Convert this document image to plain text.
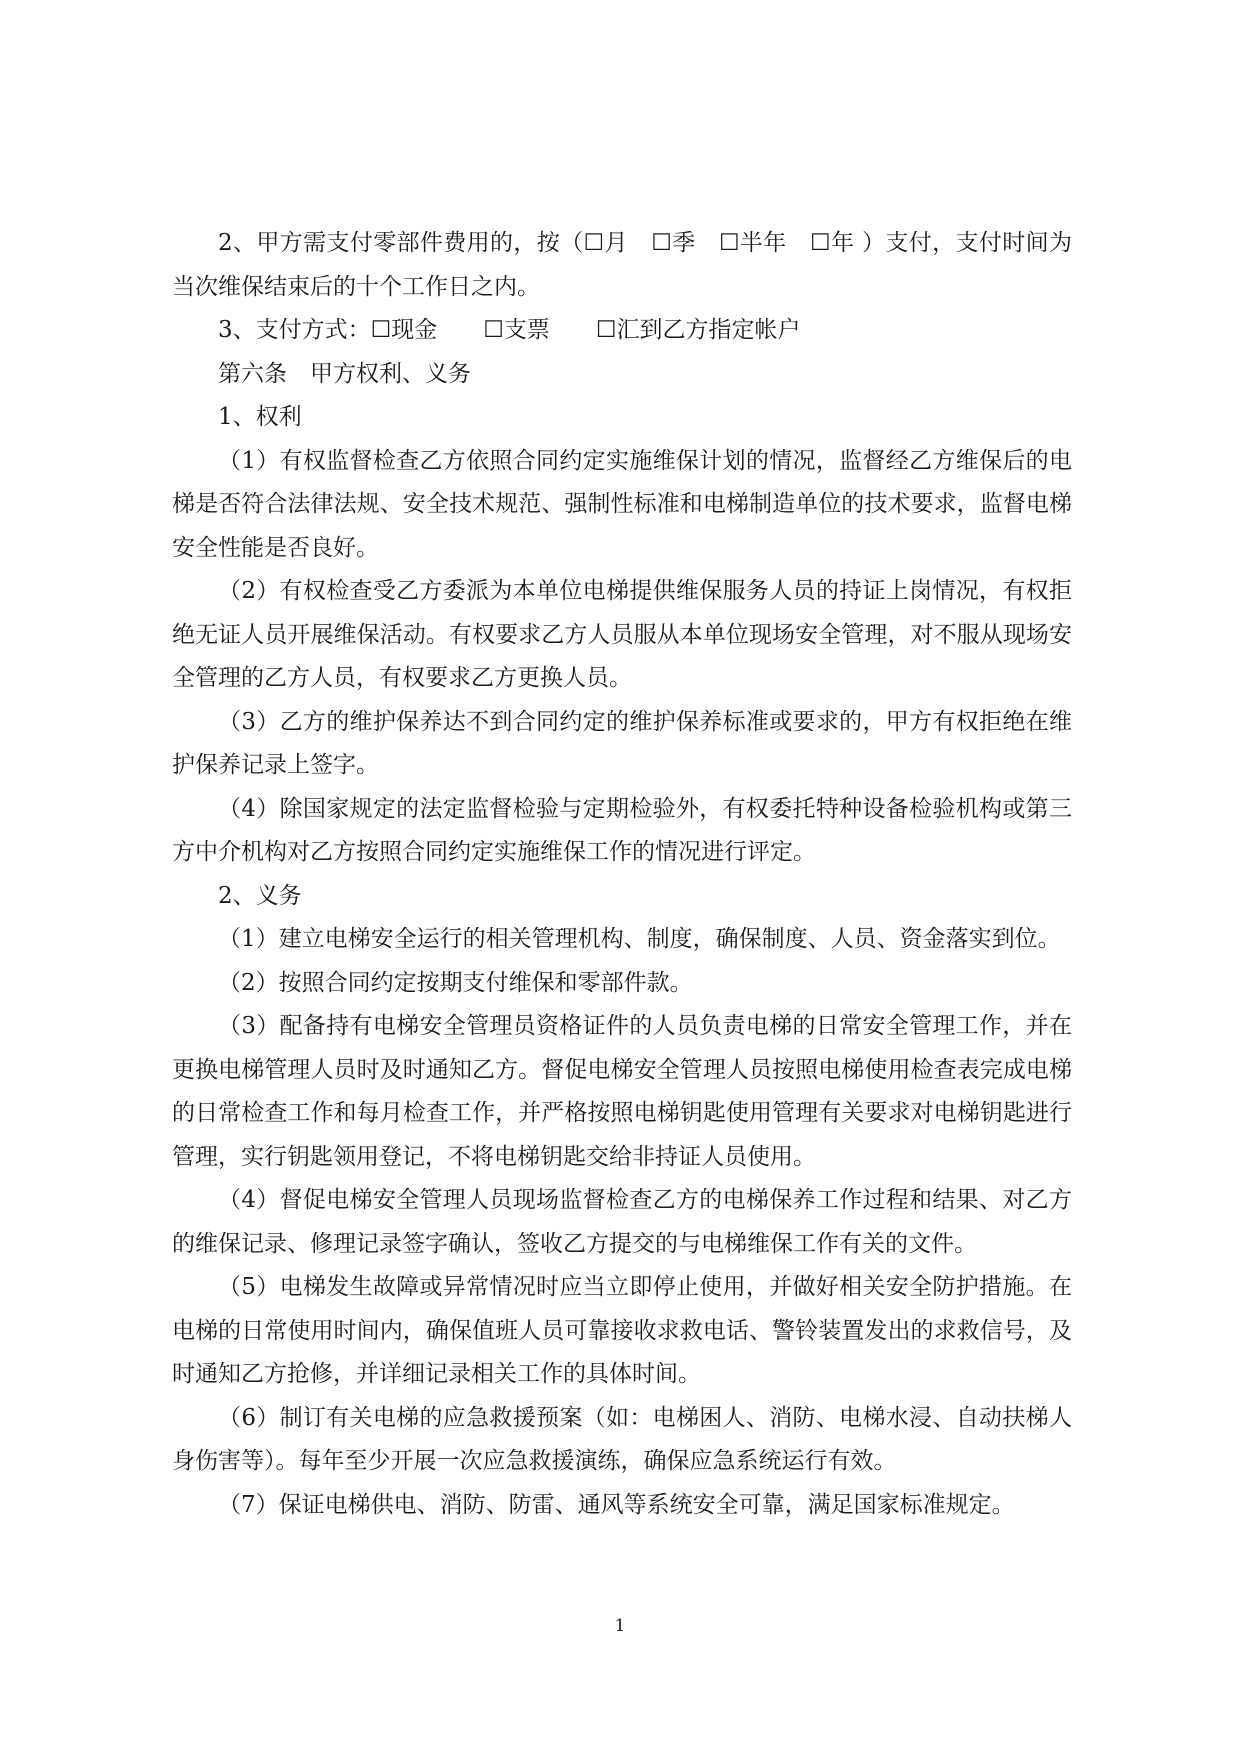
2、甲方需支付零部件费用的，按（☐月　☐季　☐半年　☐年 ）支付，支付时间为当次维保结束后的十个工作日之内。

3、支付方式：☐现金　　☐支票　　☐汇到乙方指定帐户

第六条　甲方权利、义务

1、权利

（1）有权监督检查乙方依照合同约定实施维保计划的情况，监督经乙方维保后的电梯是否符合法律法规、安全技术规范、强制性标准和电梯制造单位的技术要求，监督电梯安全性能是否良好。

（2）有权检查受乙方委派为本单位电梯提供维保服务人员的持证上岗情况，有权拒绝无证人员开展维保活动。有权要求乙方人员服从本单位现场安全管理，对不服从现场安全管理的乙方人员，有权要求乙方更换人员。

（3）乙方的维护保养达不到合同约定的维护保养标准或要求的，甲方有权拒绝在维护保养记录上签字。

（4）除国家规定的法定监督检验与定期检验外，有权委托特种设备检验机构或第三方中介机构对乙方按照合同约定实施维保工作的情况进行评定。

2、义务

（1）建立电梯安全运行的相关管理机构、制度，确保制度、人员、资金落实到位。

（2）按照合同约定按期支付维保和零部件款。

（3）配备持有电梯安全管理员资格证件的人员负责电梯的日常安全管理工作，并在更换电梯管理人员时及时通知乙方。督促电梯安全管理人员按照电梯使用检查表完成电梯的日常检查工作和每月检查工作，并严格按照电梯钥匙使用管理有关要求对电梯钥匙进行管理，实行钥匙领用登记，不将电梯钥匙交给非持证人员使用。

（4）督促电梯安全管理人员现场监督检查乙方的电梯保养工作过程和结果、对乙方的维保记录、修理记录签字确认，签收乙方提交的与电梯维保工作有关的文件。

（5）电梯发生故障或异常情况时应当立即停止使用，并做好相关安全防护措施。在电梯的日常使用时间内，确保值班人员可靠接收求救电话、警铃装置发出的求救信号，及时通知乙方抢修，并详细记录相关工作的具体时间。

（6）制订有关电梯的应急救援预案（如：电梯困人、消防、电梯水浸、自动扶梯人身伤害等）。每年至少开展一次应急救援演练，确保应急系统运行有效。

（7）保证电梯供电、消防、防雷、通风等系统安全可靠，满足国家标准规定。

1
